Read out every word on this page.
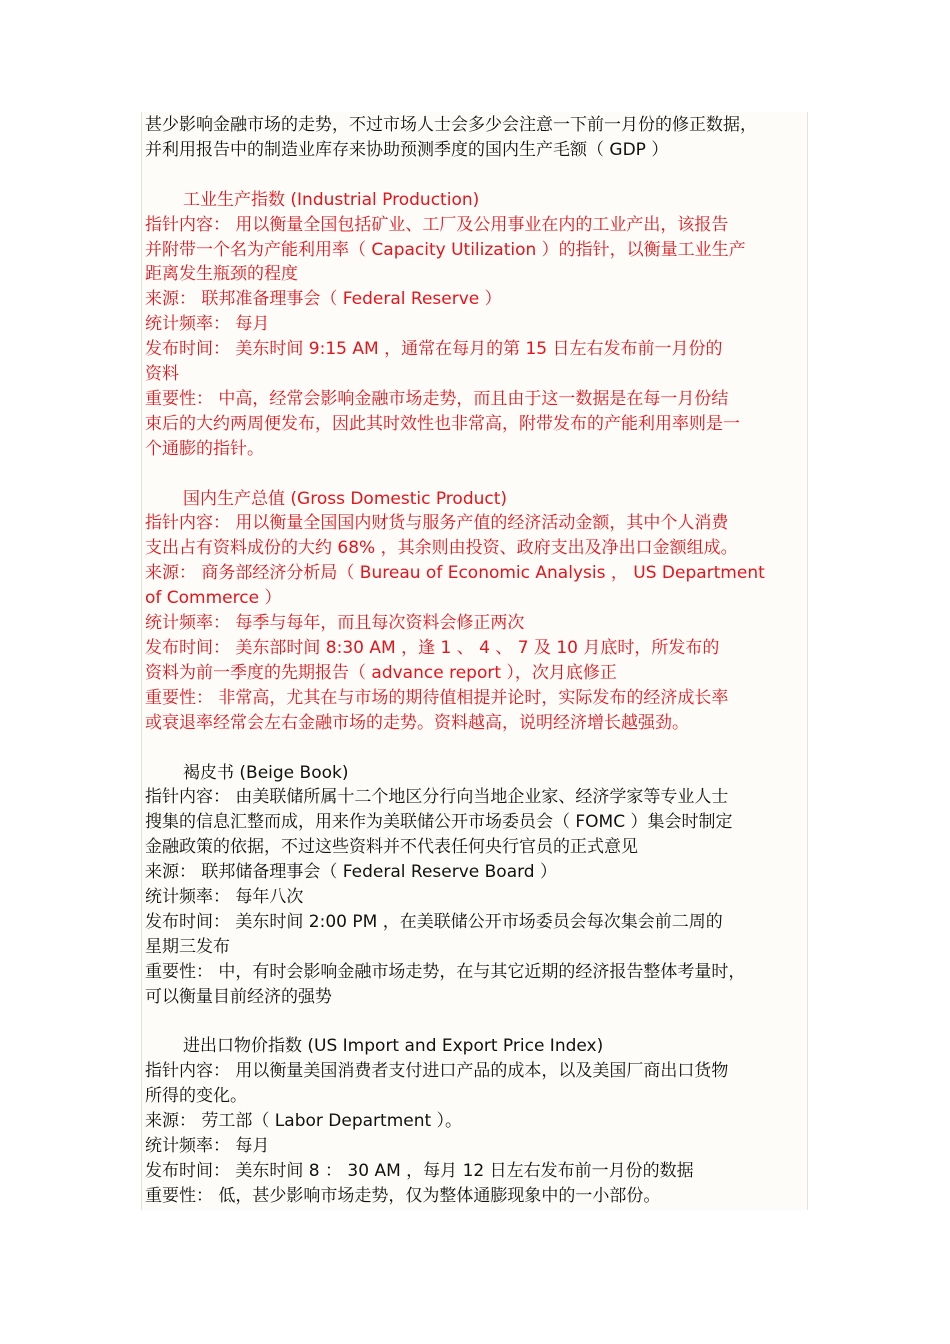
甚少影响金融市场的走势，不过市场人士会多少会注意一下前一月份的修正数据，

并利用报告中的制造业库存来协助预测季度的国内生产毛额（ GDP ）

工业生产指数 (Industrial Production)

指针内容： 用以衡量全国包括矿业、工厂及公用事业在内的工业产出，该报告

并附带一个名为产能利用率（ Capacity Utilization ）的指针，以衡量工业生产

距离发生瓶颈的程度

来源： 联邦准备理事会（ Federal Reserve ）

统计频率： 每月

发布时间： 美东时间 9:15 AM ，通常在每月的第 15 日左右发布前一月份的

资料

重要性： 中高，经常会影响金融市场走势，而且由于这一数据是在每一月份结

束后的大约两周便发布，因此其时效性也非常高，附带发布的产能利用率则是一

个通膨的指针。

国内生产总值 (Gross Domestic Product)

指针内容： 用以衡量全国国内财货与服务产值的经济活动金额，其中个人消费

支出占有资料成份的大约 68% ，其余则由投资、政府支出及净出口金额组成。

来源： 商务部经济分析局（ Bureau of Economic Analysis ， US Department

of Commerce ）

统计频率： 每季与每年，而且每次资料会修正两次

发布时间： 美东部时间 8:30 AM ，逢 1 、 4 、 7 及 10 月底时，所发布的

资料为前一季度的先期报告（ advance report ），次月底修正

重要性： 非常高，尤其在与市场的期待值相提并论时，实际发布的经济成长率

或衰退率经常会左右金融市场的走势。资料越高，说明经济增长越强劲。

褐皮书 (Beige Book)

指针内容： 由美联储所属十二个地区分行向当地企业家、经济学家等专业人士

搜集的信息汇整而成，用来作为美联储公开市场委员会（ FOMC ）集会时制定

金融政策的依据，不过这些资料并不代表任何央行官员的正式意见

来源： 联邦储备理事会（ Federal Reserve Board ）

统计频率： 每年八次

发布时间： 美东时间 2:00 PM ，在美联储公开市场委员会每次集会前二周的

星期三发布

重要性： 中，有时会影响金融市场走势，在与其它近期的经济报告整体考量时，

可以衡量目前经济的强势

进出口物价指数 (US Import and Export Price Index)

指针内容： 用以衡量美国消费者支付进口产品的成本，以及美国厂商出口货物

所得的变化。

来源： 劳工部（ Labor Department ）。

统计频率： 每月

发布时间： 美东时间 8 ： 30 AM ，每月 12 日左右发布前一月份的数据

重要性： 低，甚少影响市场走势，仅为整体通膨现象中的一小部份。
